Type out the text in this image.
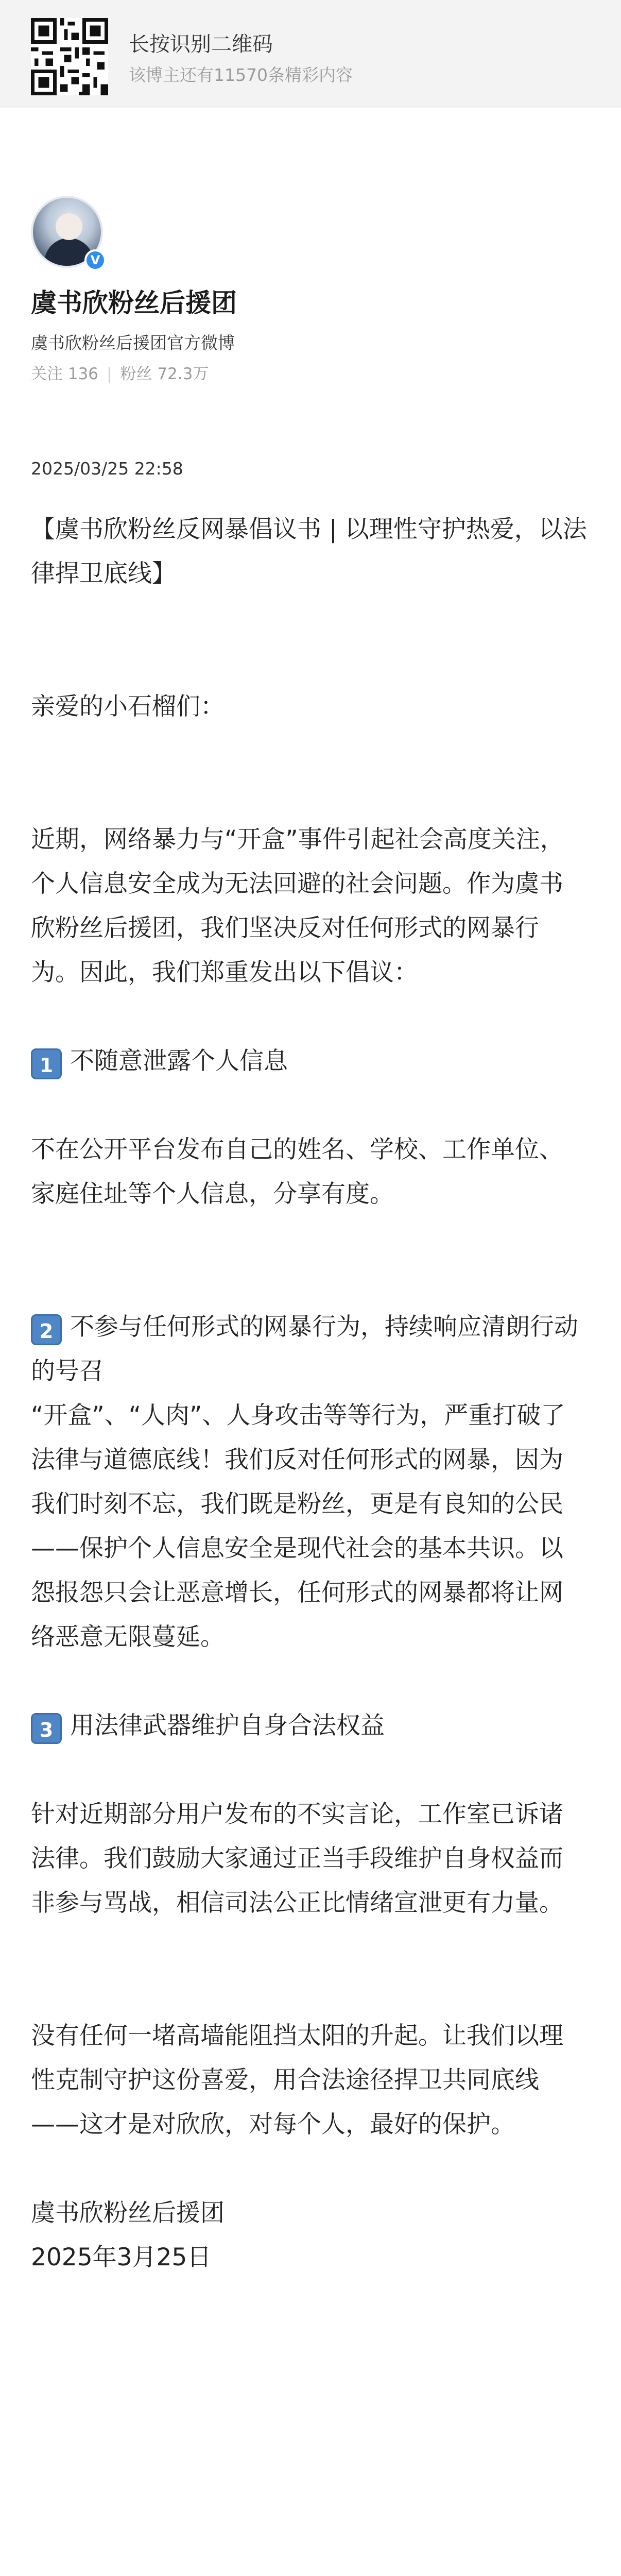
长按识别二维码
该博主还有11570条精彩内容
V
虞书欣粉丝后援团
虞书欣粉丝后援团官方微博
关注 136 | 粉丝 72.3万
2025/03/25 22:58

【虞书欣粉丝反网暴倡议书 | 以理性守护热爱，以法律捍卫底线】

亲爱的小石榴们：

近期，网络暴力与“开盒”事件引起社会高度关注，个人信息安全成为无法回避的社会问题。作为虞书欣粉丝后援团，我们坚决反对任何形式的网暴行为。因此，我们郑重发出以下倡议：

1 不随意泄露个人信息

不在公开平台发布自己的姓名、学校、工作单位、家庭住址等个人信息，分享有度。

2 不参与任何形式的网暴行为，持续响应清朗行动的号召

“开盒”、“人肉”、人身攻击等等行为，严重打破了法律与道德底线！我们反对任何形式的网暴，因为我们时刻不忘，我们既是粉丝，更是有良知的公民——保护个人信息安全是现代社会的基本共识。以怨报怨只会让恶意增长，任何形式的网暴都将让网络恶意无限蔓延。

3 用法律武器维护自身合法权益

针对近期部分用户发布的不实言论，工作室已诉诸法律。我们鼓励大家通过正当手段维护自身权益而非参与骂战，相信司法公正比情绪宣泄更有力量。

没有任何一堵高墙能阻挡太阳的升起。让我们以理性克制守护这份喜爱，用合法途径捍卫共同底线——这才是对欣欣，对每个人，最好的保护。

虞书欣粉丝后援团

2025年3月25日
